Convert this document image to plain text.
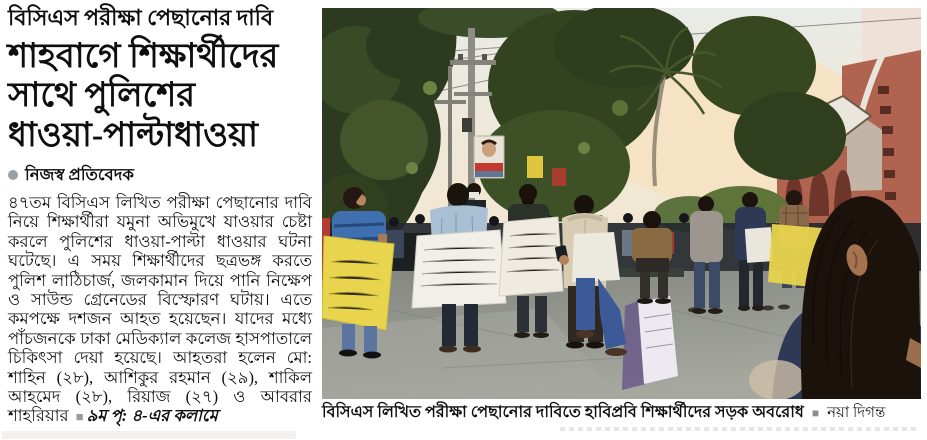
বিসিএস পরীক্ষা পেছানোর দাবি
শাহবাগে শিক্ষার্থীদের
সাথে পুলিশের
ধাওয়া-পাল্টাধাওয়া
নিজস্ব প্রতিবেদক

৪৭তম বিসিএস লিখিত পরীক্ষা পেছানোর দাবি নিয়ে শিক্ষার্থীরা যমুনা অভিমুখে যাওয়ার চেষ্টা করলে পুলিশের ধাওয়া-পাল্টা ধাওয়ার ঘটনা ঘটেছে। এ সময় শিক্ষার্থীদের ছত্রভঙ্গ করতে পুলিশ লাঠিচার্জ, জলকামান দিয়ে পানি নিক্ষেপ ও সাউন্ড গ্রেনেডের বিস্ফোরণ ঘটায়। এতে কমপক্ষে দশজন আহত হয়েছেন। যাদের মধ্যে পাঁচজনকে ঢাকা মেডিক্যাল কলেজ হাসপাতালে চিকিৎসা দেয়া হয়েছে। আহতরা হলেন মো: শাহিন (২৮), আশিকুর রহমান (২৯), শাকিল আহমেদ (২৮), রিয়াজ (২৭) ও আবরার শাহরিয়ার ■ ৯ম পৃ: ৪-এর কলামে	বিসিএস লিখিত পরীক্ষা পেছানোর দাবিতে হাবিপ্রবি শিক্ষার্থীদের সড়ক অবরোধ ■ নয়া দিগন্ত
